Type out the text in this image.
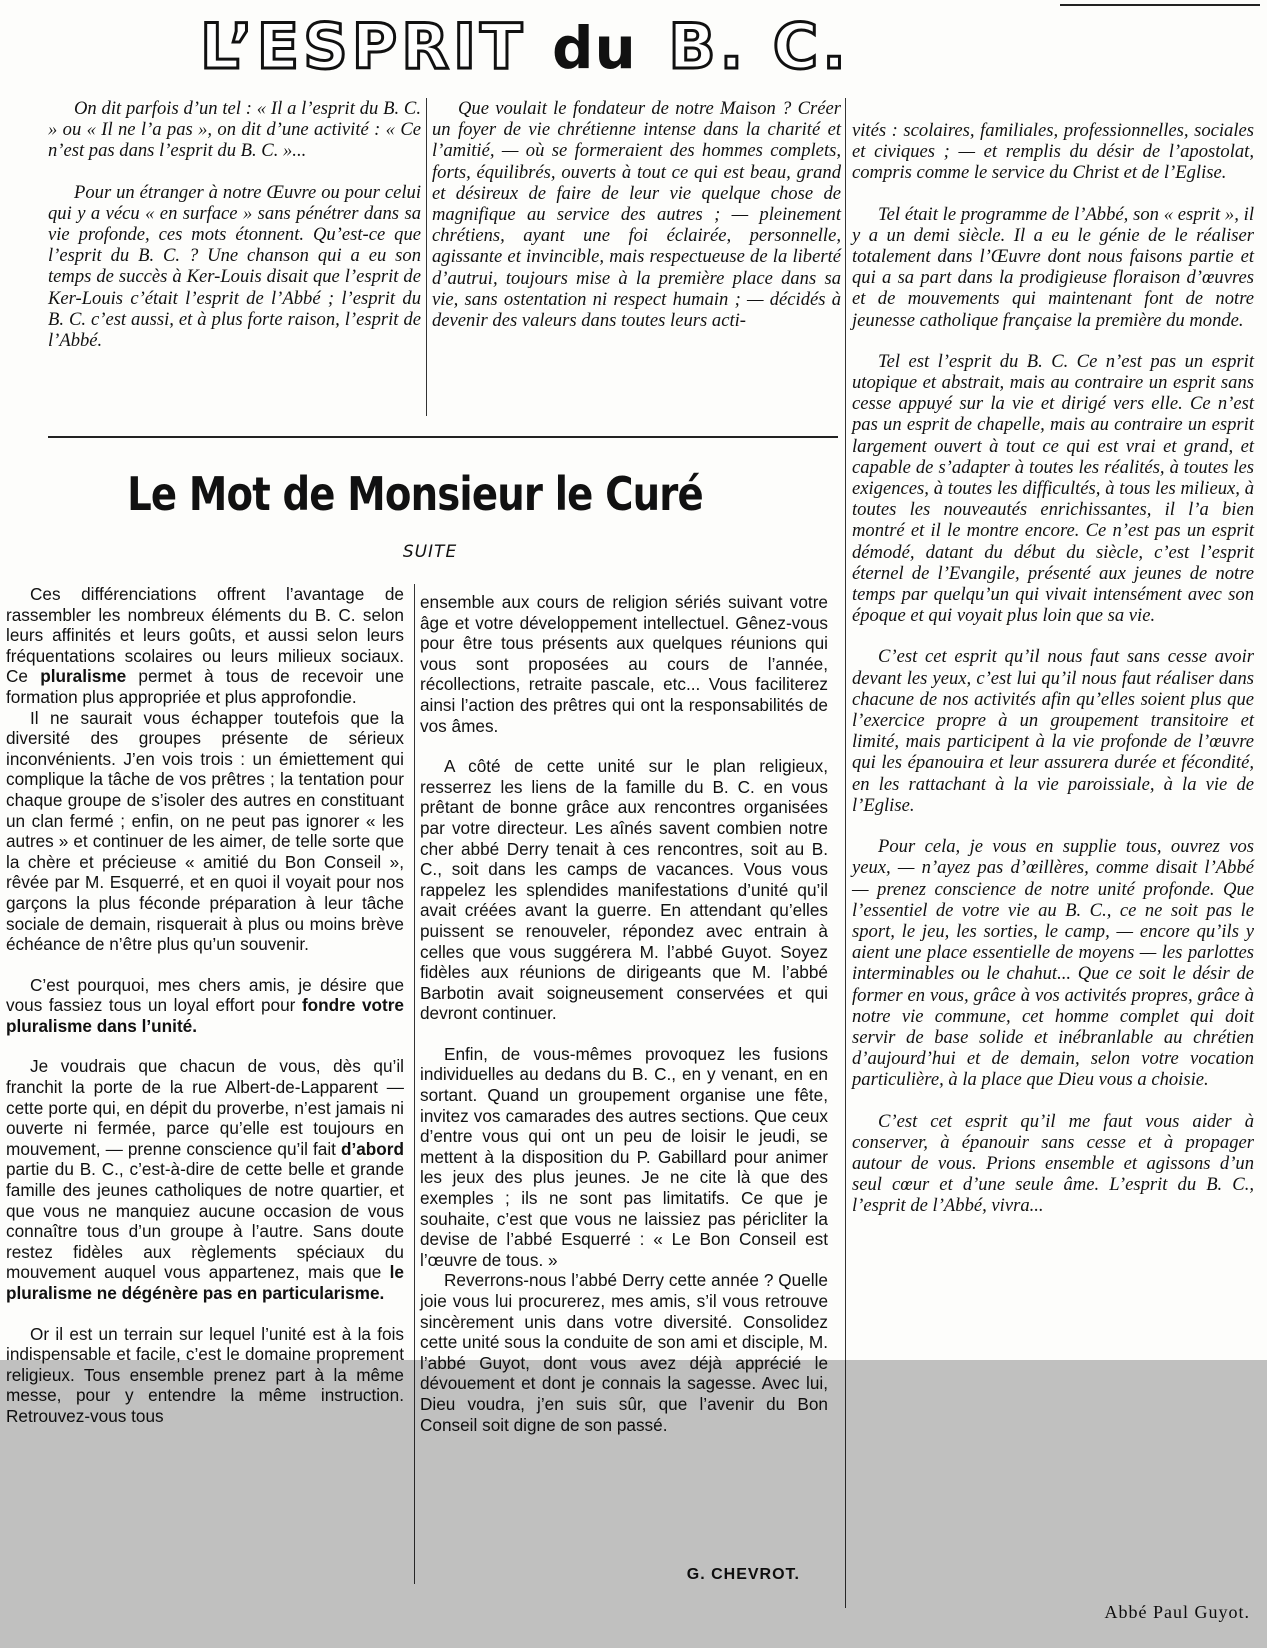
L’ESPRIT du B. C.

On dit parfois d’un tel : « Il a l’esprit du B. C. » ou « Il ne l’a pas », on dit d’une activité : « Ce n’est pas dans l’esprit du B. C. »...

Pour un étranger à notre Œuvre ou pour celui qui y a vécu « en surface » sans pénétrer dans sa vie profonde, ces mots étonnent. Qu’est-ce que l’esprit du B. C. ? Une chanson qui a eu son temps de succès à Ker-Louis disait que l’esprit de Ker-Louis c’était l’esprit de l’Abbé ; l’esprit du B. C. c’est aussi, et à plus forte raison, l’esprit de l’Abbé.

Que voulait le fondateur de notre Maison ? Créer un foyer de vie chrétienne intense dans la charité et l’amitié, — où se formeraient des hommes complets, forts, équilibrés, ouverts à tout ce qui est beau, grand et désireux de faire de leur vie quelque chose de magnifique au service des autres ; — pleinement chrétiens, ayant une foi éclairée, personnelle, agissante et invincible, mais respectueuse de la liberté d’autrui, toujours mise à la première place dans sa vie, sans ostentation ni respect humain ; — décidés à devenir des valeurs dans toutes leurs acti-

vités : scolaires, familiales, professionnelles, sociales et civiques ; — et remplis du désir de l’apostolat, compris comme le service du Christ et de l’Eglise.

Tel était le programme de l’Abbé, son « esprit », il y a un demi siècle. Il a eu le génie de le réaliser totalement dans l’Œuvre dont nous faisons partie et qui a sa part dans la prodigieuse floraison d’œuvres et de mouvements qui maintenant font de notre jeunesse catholique française la première du monde.

Tel est l’esprit du B. C. Ce n’est pas un esprit utopique et abstrait, mais au contraire un esprit sans cesse appuyé sur la vie et dirigé vers elle. Ce n’est pas un esprit de chapelle, mais au contraire un esprit largement ouvert à tout ce qui est vrai et grand, et capable de s’adapter à toutes les réalités, à toutes les exigences, à toutes les difficultés, à tous les milieux, à toutes les nouveautés enrichissantes, il l’a bien montré et il le montre encore. Ce n’est pas un esprit démodé, datant du début du siècle, c’est l’esprit éternel de l’Evangile, présenté aux jeunes de notre temps par quelqu’un qui vivait intensément avec son époque et qui voyait plus loin que sa vie.

C’est cet esprit qu’il nous faut sans cesse avoir devant les yeux, c’est lui qu’il nous faut réaliser dans chacune de nos activités afin qu’elles soient plus que l’exercice propre à un groupement transitoire et limité, mais participent à la vie profonde de l’œuvre qui les épanouira et leur assurera durée et fécondité, en les rattachant à la vie paroissiale, à la vie de l’Eglise.

Pour cela, je vous en supplie tous, ouvrez vos yeux, — n’ayez pas d’œillères, comme disait l’Abbé — prenez conscience de notre unité profonde. Que l’essentiel de votre vie au B. C., ce ne soit pas le sport, le jeu, les sorties, le camp, — encore qu’ils y aient une place essentielle de moyens — les parlottes interminables ou le chahut... Que ce soit le désir de former en vous, grâce à vos activités propres, grâce à notre vie commune, cet homme complet qui doit servir de base solide et inébranlable au chrétien d’aujourd’hui et de demain, selon votre vocation particulière, à la place que Dieu vous a choisie.

C’est cet esprit qu’il me faut vous aider à conserver, à épanouir sans cesse et à propager autour de vous. Prions ensemble et agissons d’un seul cœur et d’une seule âme. L’esprit du B. C., l’esprit de l’Abbé, vivra...

Abbé Paul Guyot.
Le Mot de Monsieur le Curé
SUITE

Ces différenciations offrent l’avantage de rassembler les nombreux éléments du B. C. selon leurs affinités et leurs goûts, et aussi selon leurs fréquentations scolaires ou leurs milieux sociaux. Ce pluralisme permet à tous de recevoir une formation plus appropriée et plus approfondie.

Il ne saurait vous échapper toutefois que la diversité des groupes présente de sérieux inconvénients. J’en vois trois : un émiettement qui complique la tâche de vos prêtres ; la tentation pour chaque groupe de s’isoler des autres en constituant un clan fermé ; enfin, on ne peut pas ignorer « les autres » et continuer de les aimer, de telle sorte que la chère et précieuse « amitié du Bon Conseil », rêvée par M. Esquerré, et en quoi il voyait pour nos garçons la plus féconde préparation à leur tâche sociale de demain, risquerait à plus ou moins brève échéance de n’être plus qu’un souvenir.

C’est pourquoi, mes chers amis, je désire que vous fassiez tous un loyal effort pour fondre votre pluralisme dans l’unité.

Je voudrais que chacun de vous, dès qu’il franchit la porte de la rue Albert-de-Lapparent — cette porte qui, en dépit du proverbe, n’est jamais ni ouverte ni fermée, parce qu’elle est toujours en mouvement, — prenne conscience qu’il fait d’abord partie du B. C., c’est-à-dire de cette belle et grande famille des jeunes catholiques de notre quartier, et que vous ne manquiez aucune occasion de vous connaître tous d’un groupe à l’autre. Sans doute restez fidèles aux règlements spéciaux du mouvement auquel vous appartenez, mais que le pluralisme ne dégénère pas en particularisme.

Or il est un terrain sur lequel l’unité est à la fois indispensable et facile, c’est le domaine proprement religieux. Tous ensemble prenez part à la même messe, pour y entendre la même instruction. Retrouvez-vous tous

ensemble aux cours de religion sériés suivant votre âge et votre développement intellectuel. Gênez-vous pour être tous présents aux quelques réunions qui vous sont proposées au cours de l’année, récollections, retraite pascale, etc... Vous faciliterez ainsi l’action des prêtres qui ont la responsabilités de vos âmes.

A côté de cette unité sur le plan religieux, resserrez les liens de la famille du B. C. en vous prêtant de bonne grâce aux rencontres organisées par votre directeur. Les aînés savent combien notre cher abbé Derry tenait à ces rencontres, soit au B. C., soit dans les camps de vacances. Vous vous rappelez les splendides manifestations d’unité qu’il avait créées avant la guerre. En attendant qu’elles puissent se renouveler, répondez avec entrain à celles que vous suggérera M. l’abbé Guyot. Soyez fidèles aux réunions de dirigeants que M. l’abbé Barbotin avait soigneusement conservées et qui devront continuer.

Enfin, de vous-mêmes provoquez les fusions individuelles au dedans du B. C., en y venant, en en sortant. Quand un groupement organise une fête, invitez vos camarades des autres sections. Que ceux d’entre vous qui ont un peu de loisir le jeudi, se mettent à la disposition du P. Gabillard pour animer les jeux des plus jeunes. Je ne cite là que des exemples ; ils ne sont pas limitatifs. Ce que je souhaite, c’est que vous ne laissiez pas péricliter la devise de l’abbé Esquerré : « Le Bon Conseil est l’œuvre de tous. »

Reverrons-nous l’abbé Derry cette année ? Quelle joie vous lui procurerez, mes amis, s’il vous retrouve sincèrement unis dans votre diversité. Consolidez cette unité sous la conduite de son ami et disciple, M. l’abbé Guyot, dont vous avez déjà apprécié le dévouement et dont je connais la sagesse. Avec lui, Dieu voudra, j’en suis sûr, que l’avenir du Bon Conseil soit digne de son passé.

G. CHEVROT.
